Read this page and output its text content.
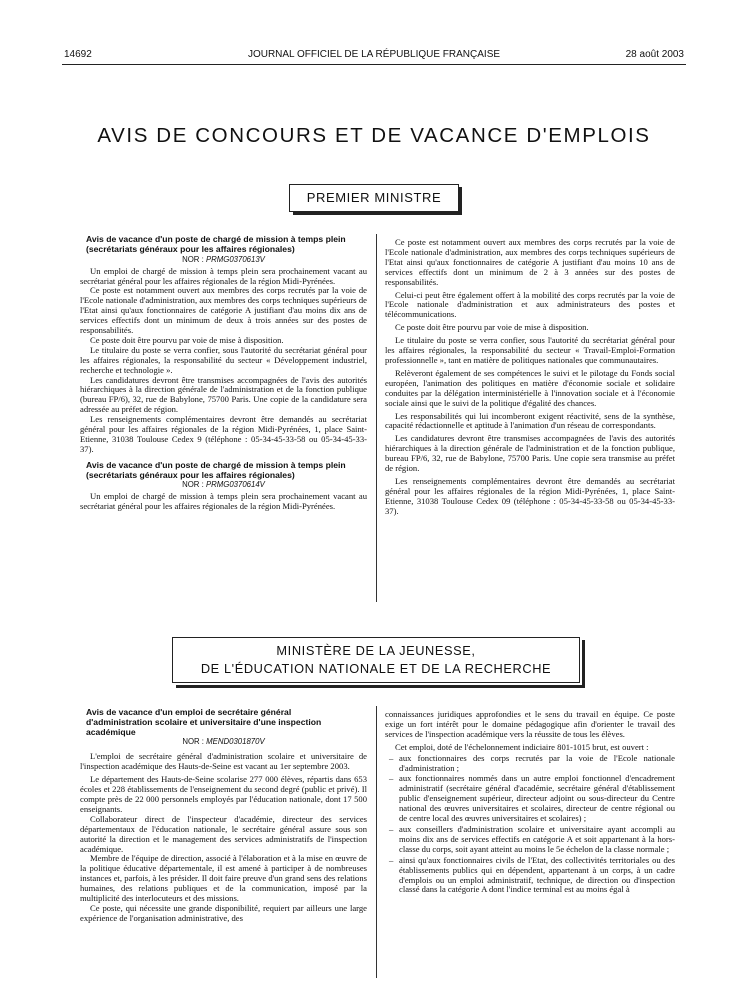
14692	JOURNAL OFFICIEL DE LA RÉPUBLIQUE FRANÇAISE	28 août 2003
AVIS DE CONCOURS ET DE VACANCE D'EMPLOIS
PREMIER MINISTRE
Avis de vacance d'un poste de chargé de mission à temps plein (secrétariats généraux pour les affaires régionales)
NOR : PRMG0370613V

Un emploi de chargé de mission à temps plein sera prochainement vacant au secrétariat général pour les affaires régionales de la région Midi-Pyrénées.

Ce poste est notamment ouvert aux membres des corps recrutés par la voie de l'Ecole nationale d'administration, aux membres des corps techniques supérieurs de l'Etat ainsi qu'aux fonctionnaires de catégorie A justifiant d'au moins dix ans de services effectifs dont un minimum de deux à trois années sur des postes de responsabilités.

Ce poste doit être pourvu par voie de mise à disposition.

Le titulaire du poste se verra confier, sous l'autorité du secrétariat général pour les affaires régionales, la responsabilité du secteur « Développement industriel, recherche et technologie ».

Les candidatures devront être transmises accompagnées de l'avis des autorités hiérarchiques à la direction générale de l'administration et de la fonction publique (bureau FP/6), 32, rue de Babylone, 75700 Paris. Une copie de la candidature sera adressée au préfet de région.

Les renseignements complémentaires devront être demandés au secrétariat général pour les affaires régionales de la région Midi-Pyrénées, 1, place Saint-Etienne, 31038 Toulouse Cedex 9 (téléphone : 05-34-45-33-58 ou 05-34-45-33-37).

Avis de vacance d'un poste de chargé de mission à temps plein (secrétariats généraux pour les affaires régionales)
NOR : PRMG0370614V

Un emploi de chargé de mission à temps plein sera prochainement vacant au secrétariat général pour les affaires régionales de la région Midi-Pyrénées.

Ce poste est notamment ouvert aux membres des corps recrutés par la voie de l'Ecole nationale d'administration, aux membres des corps techniques supérieurs de l'Etat ainsi qu'aux fonctionnaires de catégorie A justifiant d'au moins 10 ans de services effectifs dont un minimum de 2 à 3 années sur des postes de responsabilités.

Celui-ci peut être également offert à la mobilité des corps recrutés par la voie de l'Ecole nationale d'administration et aux administrateurs des postes et télécommunications.

Ce poste doit être pourvu par voie de mise à disposition.

Le titulaire du poste se verra confier, sous l'autorité du secrétariat général pour les affaires régionales, la responsabilité du secteur « Travail-Emploi-Formation professionnelle », tant en matière de politiques nationales que communautaires.

Relèveront également de ses compétences le suivi et le pilotage du Fonds social européen, l'animation des politiques en matière d'économie sociale et solidaire conduites par la délégation interministérielle à l'innovation sociale et à l'économie sociale ainsi que le suivi de la politique d'égalité des chances.

Les responsabilités qui lui incomberont exigent réactivité, sens de la synthèse, capacité rédactionnelle et aptitude à l'animation d'un réseau de correspondants.

Les candidatures devront être transmises accompagnées de l'avis des autorités hiérarchiques à la direction générale de l'administration et de la fonction publique, bureau FP/6, 32, rue de Babylone, 75700 Paris. Une copie sera transmise au préfet de région.

Les renseignements complémentaires devront être demandés au secrétariat général pour les affaires régionales de la région Midi-Pyrénées, 1, place Saint-Etienne, 31038 Toulouse Cedex 09 (téléphone : 05-34-45-33-58 ou 05-34-45-33-37).

MINISTÈRE DE LA JEUNESSE,
DE L'ÉDUCATION NATIONALE ET DE LA RECHERCHE
Avis de vacance d'un emploi de secrétaire général d'administration scolaire et universitaire d'une inspection académique
NOR : MEND0301870V

L'emploi de secrétaire général d'administration scolaire et universitaire de l'inspection académique des Hauts-de-Seine est vacant au 1er septembre 2003.

Le département des Hauts-de-Seine scolarise 277 000 élèves, répartis dans 653 écoles et 228 établissements de l'enseignement du second degré (public et privé). Il compte près de 22 000 personnels employés par l'éducation nationale, dont 17 500 enseignants.

Collaborateur direct de l'inspecteur d'académie, directeur des services départementaux de l'éducation nationale, le secrétaire général assure sous son autorité la direction et le management des services administratifs de l'inspection académique.

Membre de l'équipe de direction, associé à l'élaboration et à la mise en œuvre de la politique éducative départementale, il est amené à participer à de nombreuses instances et, parfois, à les présider. Il doit faire preuve d'un grand sens des relations humaines, des relations publiques et de la communication, imposé par la multiplicité des interlocuteurs et des missions.

Ce poste, qui nécessite une grande disponibilité, requiert par ailleurs une large expérience de l'organisation administrative, des

connaissances juridiques approfondies et le sens du travail en équipe. Ce poste exige un fort intérêt pour le domaine pédagogique afin d'orienter le travail des services de l'inspection académique vers la réussite de tous les élèves.

Cet emploi, doté de l'échelonnement indiciaire 801-1015 brut, est ouvert :

– aux fonctionnaires des corps recrutés par la voie de l'Ecole nationale d'administration ;
– aux fonctionnaires nommés dans un autre emploi fonctionnel d'encadrement administratif (secrétaire général d'académie, secrétaire général d'établissement public d'enseignement supérieur, directeur adjoint ou sous-directeur du Centre national des œuvres universitaires et scolaires, directeur de centre régional ou de centre local des œuvres universitaires et scolaires) ;
– aux conseillers d'administration scolaire et universitaire ayant accompli au moins dix ans de services effectifs en catégorie A et soit appartenant à la hors-classe du corps, soit ayant atteint au moins le 5e échelon de la classe normale ;
– ainsi qu'aux fonctionnaires civils de l'Etat, des collectivités territoriales ou des établissements publics qui en dépendent, appartenant à un corps, à un cadre d'emplois ou un emploi administratif, technique, de direction ou d'inspection classé dans la catégorie A dont l'indice terminal est au moins égal à
